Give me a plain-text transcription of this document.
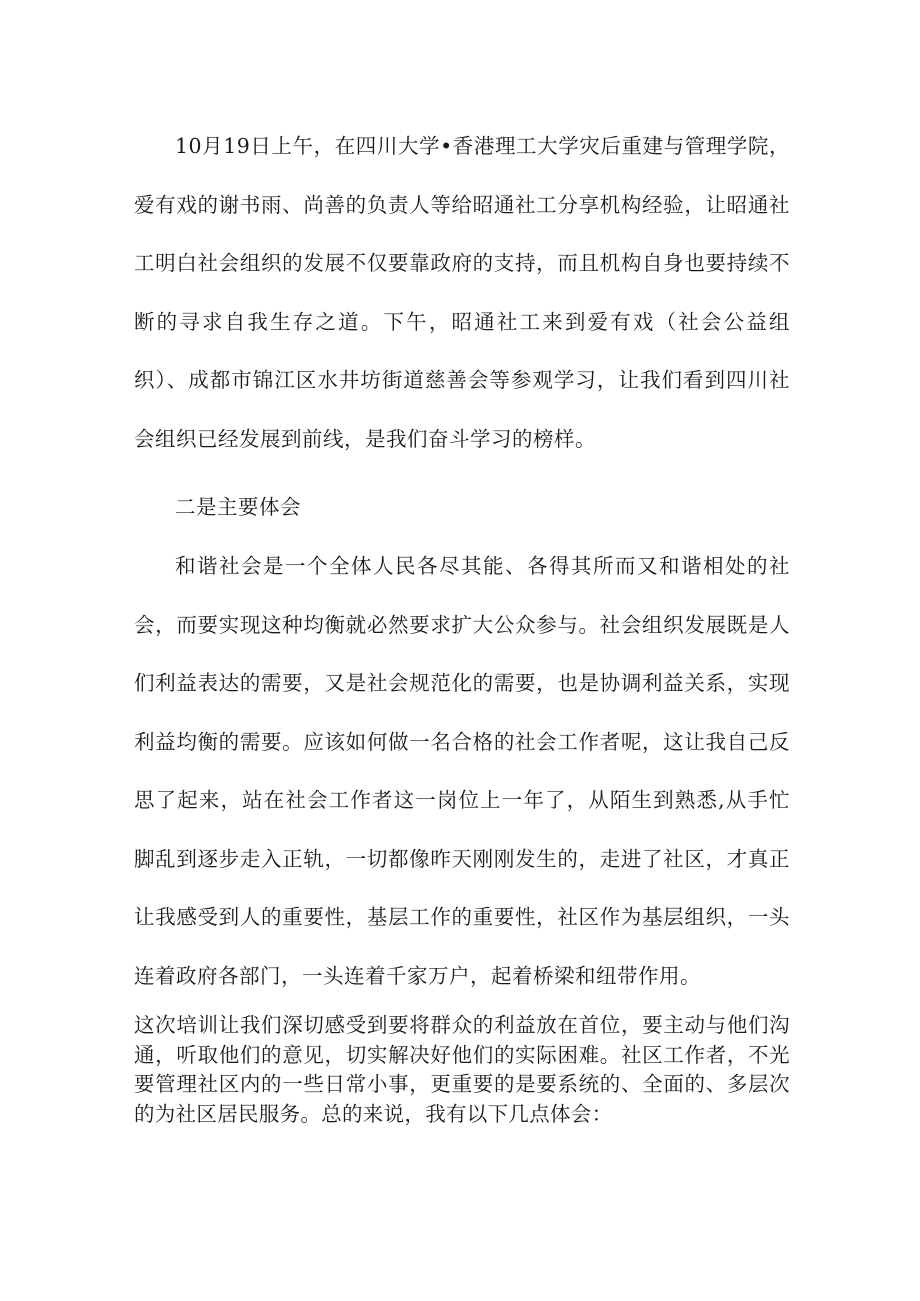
10月19日上午，在四川大学•香港理工大学灾后重建与管理学院，爱有戏的谢书雨、尚善的负责人等给昭通社工分享机构经验，让昭通社工明白社会组织的发展不仅要靠政府的支持，而且机构自身也要持续不断的寻求自我生存之道。下午，昭通社工来到爱有戏（社会公益组织）、成都市锦江区水井坊街道慈善会等参观学习，让我们看到四川社会组织已经发展到前线，是我们奋斗学习的榜样。

二是主要体会

和谐社会是一个全体人民各尽其能、各得其所而又和谐相处的社会，而要实现这种均衡就必然要求扩大公众参与。社会组织发展既是人们利益表达的需要，又是社会规范化的需要，也是协调利益关系，实现利益均衡的需要。应该如何做一名合格的社会工作者呢，这让我自己反思了起来，站在社会工作者这一岗位上一年了，从陌生到熟悉,从手忙脚乱到逐步走入正轨，一切都像昨天刚刚发生的，走进了社区，才真正让我感受到人的重要性，基层工作的重要性，社区作为基层组织，一头连着政府各部门，一头连着千家万户，起着桥梁和纽带作用。

这次培训让我们深切感受到要将群众的利益放在首位，要主动与他们沟通，听取他们的意见，切实解决好他们的实际困难。社区工作者，不光要管理社区内的一些日常小事，更重要的是要系统的、全面的、多层次的为社区居民服务。总的来说，我有以下几点体会：
